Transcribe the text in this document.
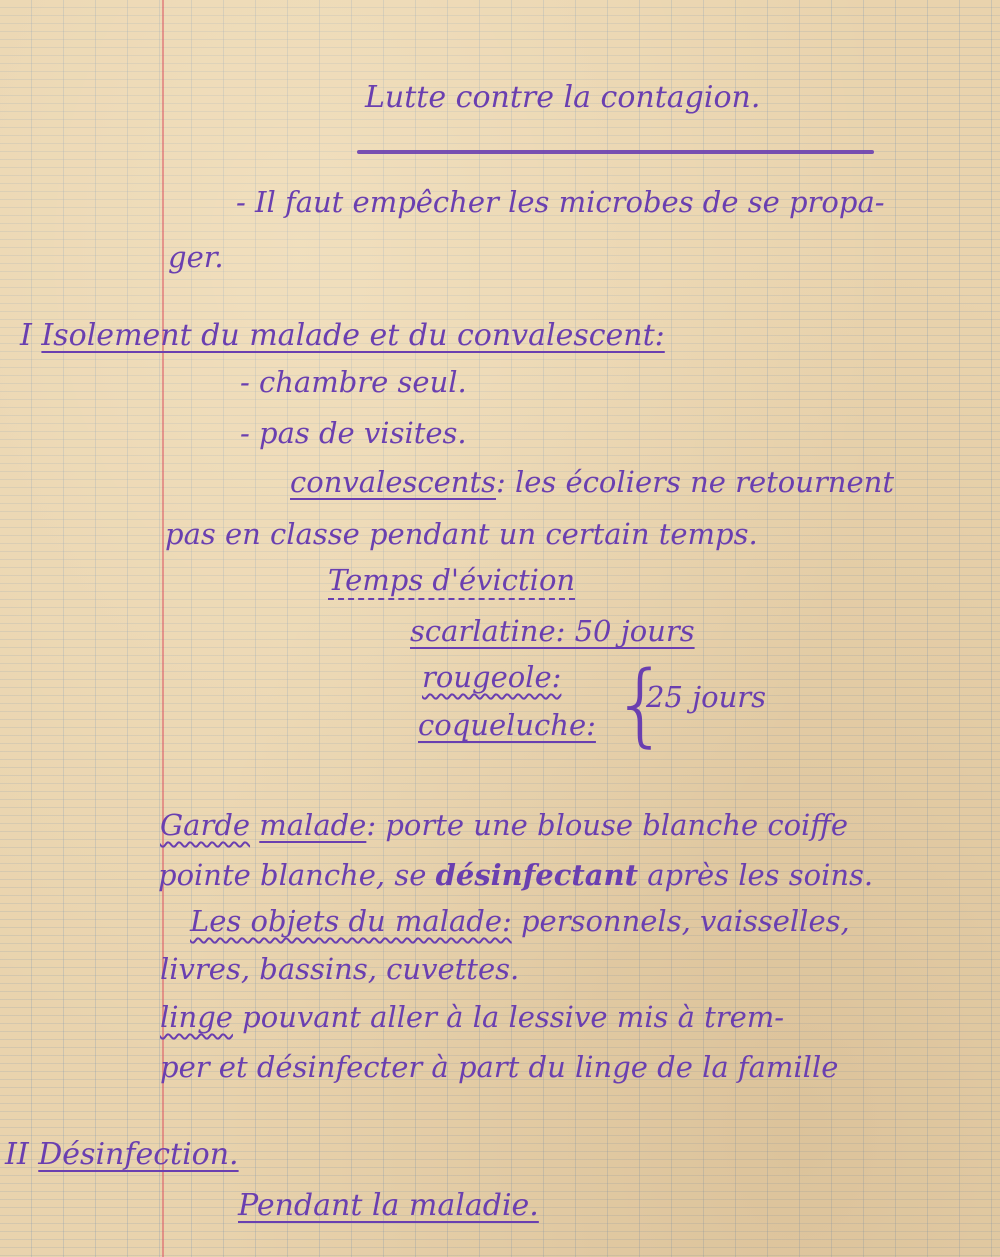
Lutte contre la contagion.
- Il faut empêcher les microbes de se propa-
ger.
I Isolement du malade et du convalescent:
- chambre seul.
- pas de visites.
convalescents: les écoliers ne retournent
pas en classe pendant un certain temps.
Temps d'éviction
scarlatine: 50 jours
rougeole:
coqueluche: {
25 jours
Garde malade: porte une blouse blanche coiffe
pointe blanche, se désinfectant après les soins.
Les objets du malade: personnels, vaisselles,
livres, bassins, cuvettes.
linge pouvant aller à la lessive mis à trem-
per et désinfecter à part du linge de la famille
II Désinfection.
Pendant la maladie.
